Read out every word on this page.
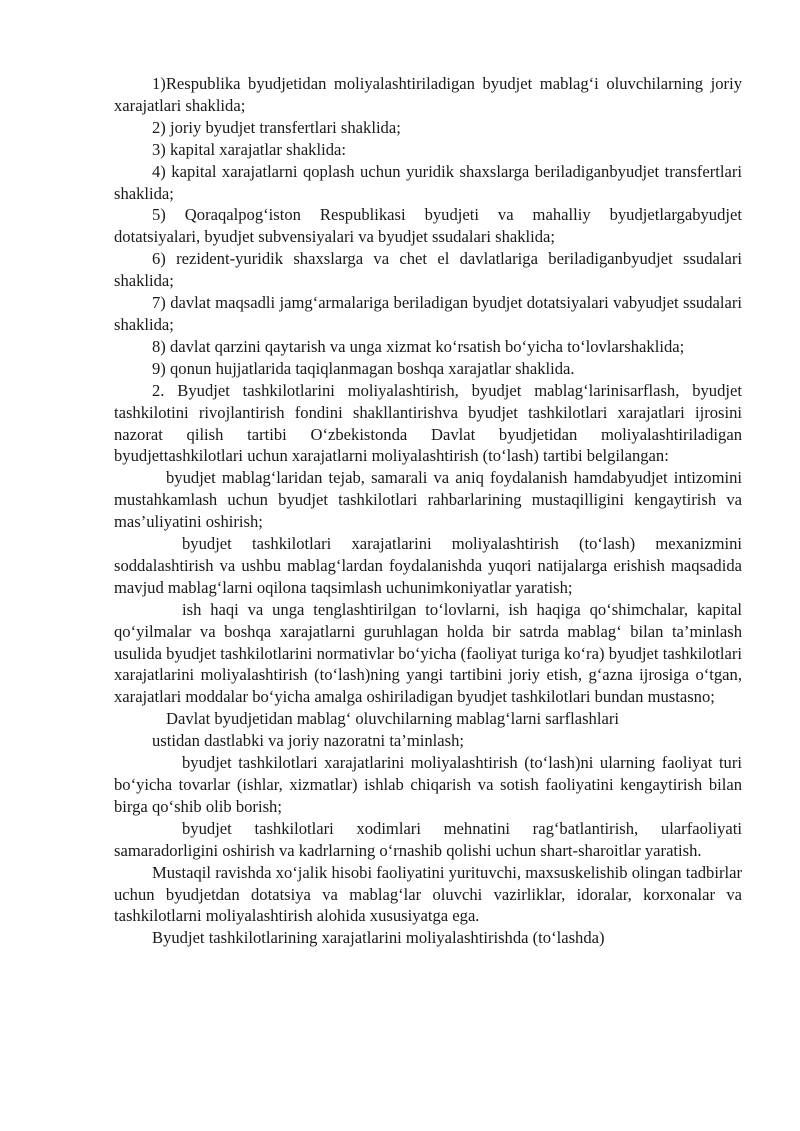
1)Respublika byudjetidan moliyalashtiriladigan byudjet mablag‘i oluvchilarning joriy xarajatlari shaklida;

2) joriy byudjet transfertlari shaklida;

3) kapital xarajatlar shaklida:

4) kapital xarajatlarni qoplash uchun yuridik shaxslarga beriladiganbyudjet transfertlari shaklida;

5) Qoraqalpog‘iston Respublikasi byudjeti va mahalliy byudjetlargabyudjet dotatsiyalari, byudjet subvensiyalari va byudjet ssudalari shaklida;

6) rezident-yuridik shaxslarga va chet el davlatlariga beriladiganbyudjet ssudalari shaklida;

7) davlat maqsadli jamg‘armalariga beriladigan byudjet dotatsiyalari vabyudjet ssudalari shaklida;

8) davlat qarzini qaytarish va unga xizmat ko‘rsatish bo‘yicha to‘lovlarshaklida;

9) qonun hujjatlarida taqiqlanmagan boshqa xarajatlar shaklida.

2. Byudjet tashkilotlarini moliyalashtirish, byudjet mablag‘larinisarflash, byudjet tashkilotini rivojlantirish fondini shakllantirishva byudjet tashkilotlari xarajatlari ijrosini nazorat qilish tartibi O‘zbekistonda Davlat byudjetidan moliyalashtiriladigan byudjettashkilotlari uchun xarajatlarni moliyalashtirish (to‘lash) tartibi belgilangan:

byudjet mablag‘laridan tejab, samarali va aniq foydalanish hamdabyudjet intizomini mustahkamlash uchun byudjet tashkilotlari rahbarlarining mustaqilligini kengaytirish va mas’uliyatini oshirish;

byudjet tashkilotlari xarajatlarini moliyalashtirish (to‘lash) mexanizmini soddalashtirish va ushbu mablag‘lardan foydalanishda yuqori natijalarga erishish maqsadida mavjud mablag‘larni oqilona taqsimlash uchunimkoniyatlar yaratish;

ish haqi va unga tenglashtirilgan to‘lovlarni, ish haqiga qo‘shimchalar, kapital qo‘yilmalar va boshqa xarajatlarni guruhlagan holda bir satrda mablag‘ bilan ta’minlash usulida byudjet tashkilotlarini normativlar bo‘yicha (faoliyat turiga ko‘ra) byudjet tashkilotlari xarajatlarini moliyalashtirish (to‘lash)ning yangi tartibini joriy etish, g‘azna ijrosiga o‘tgan, xarajatlari moddalar bo‘yicha amalga oshiriladigan byudjet tashkilotlari bundan mustasno;

Davlat byudjetidan mablag‘ oluvchilarning mablag‘larni sarflashlari

ustidan dastlabki va joriy nazoratni ta’minlash;

byudjet tashkilotlari xarajatlarini moliyalashtirish (to‘lash)ni ularning faoliyat turi bo‘yicha tovarlar (ishlar, xizmatlar) ishlab chiqarish va sotish faoliyatini kengaytirish bilan birga qo‘shib olib borish;

byudjet tashkilotlari xodimlari mehnatini rag‘batlantirish, ularfaoliyati samaradorligini oshirish va kadrlarning o‘rnashib qolishi uchun shart-sharoitlar yaratish.

Mustaqil ravishda xo‘jalik hisobi faoliyatini yurituvchi, maxsuskelishib olingan tadbirlar uchun byudjetdan dotatsiya va mablag‘lar oluvchi vazirliklar, idoralar, korxonalar va tashkilotlarni moliyalashtirish alohida xususiyatga ega.

Byudjet tashkilotlarining xarajatlarini moliyalashtirishda (to‘lashda)
